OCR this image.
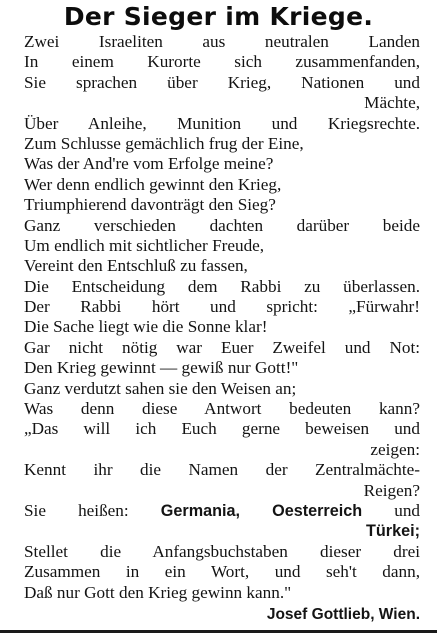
Der Sieger im Kriege.
Zwei Israeliten aus neutralen Landen
In einem Kurorte sich zusammenfanden,
Sie sprachen über Krieg, Nationen und
Mächte,
Über Anleihe, Munition und Kriegsrechte.
Zum Schlusse gemächlich frug der Eine,
Was der And're vom Erfolge meine?
Wer denn endlich gewinnt den Krieg,
Triumphierend davonträgt den Sieg?
Ganz verschieden dachten darüber beide
Um endlich mit sichtlicher Freude,
Vereint den Entschluß zu fassen,
Die Entscheidung dem Rabbi zu überlassen.
Der Rabbi hört und spricht: „Fürwahr!
Die Sache liegt wie die Sonne klar!
Gar nicht nötig war Euer Zweifel und Not:
Den Krieg gewinnt — gewiß nur Gott!"
Ganz verdutzt sahen sie den Weisen an;
Was denn diese Antwort bedeuten kann?
„Das will ich Euch gerne beweisen und
zeigen:
Kennt ihr die Namen der Zentralmächte-
Reigen?
Sie heißen: Germania, Oesterreich und
Türkei;
Stellet die Anfangsbuchstaben dieser drei
Zusammen in ein Wort, und seh't dann,
Daß nur Gott den Krieg gewinn kann."
Josef Gottlieb, Wien.
